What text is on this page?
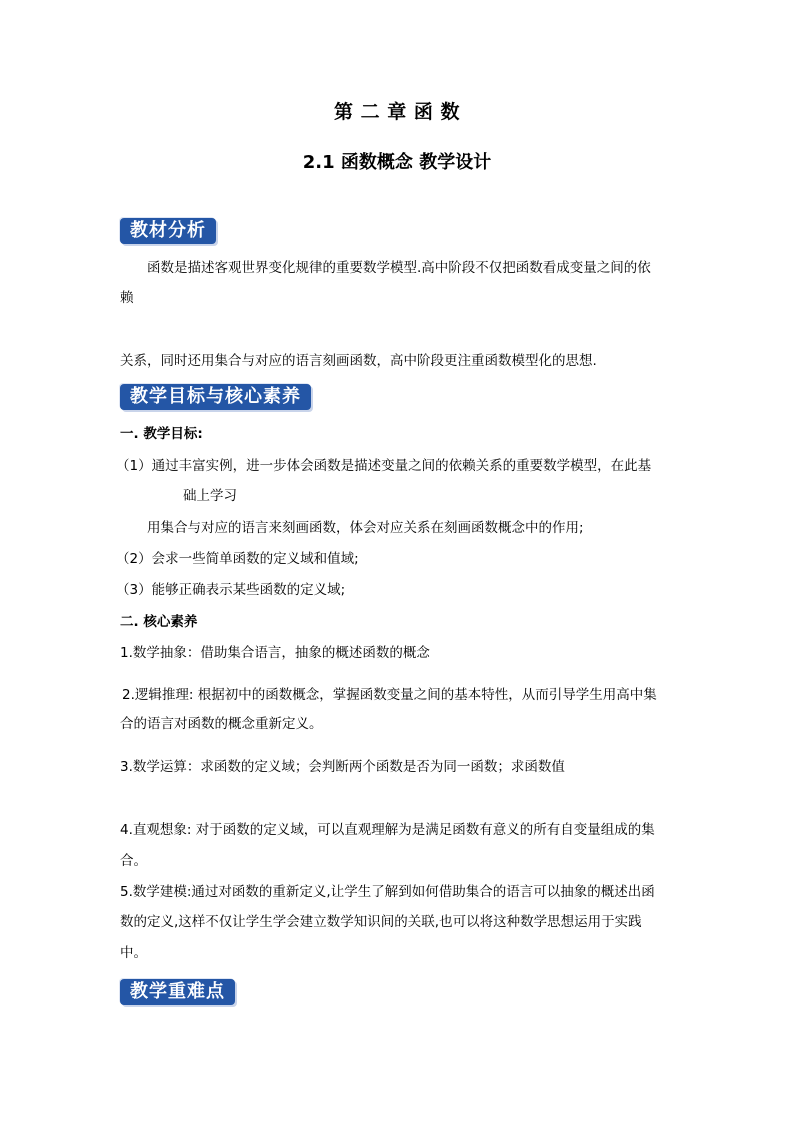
第 二 章 函 数
2.1 函数概念 教学设计
教材分析

函数是描述客观世界变化规律的重要数学模型.高中阶段不仅把函数看成变量之间的依

赖

关系，同时还用集合与对应的语言刻画函数，高中阶段更注重函数模型化的思想.

教学目标与核心素养

一. 教学目标:

（1）通过丰富实例，进一步体会函数是描述变量之间的依赖关系的重要数学模型，在此基

础上学习

用集合与对应的语言来刻画函数，体会对应关系在刻画函数概念中的作用;

（2）会求一些简单函数的定义域和值域;

（3）能够正确表示某些函数的定义域;

二. 核心素养

1.数学抽象：借助集合语言，抽象的概述函数的概念

2.逻辑推理: 根据初中的函数概念，掌握函数变量之间的基本特性，从而引导学生用高中集

合的语言对函数的概念重新定义。

3.数学运算：求函数的定义域；会判断两个函数是否为同一函数；求函数值

4.直观想象: 对于函数的定义域，可以直观理解为是满足函数有意义的所有自变量组成的集

合。

5.数学建模:通过对函数的重新定义,让学生了解到如何借助集合的语言可以抽象的概述出函

数的定义,这样不仅让学生学会建立数学知识间的关联,也可以将这种数学思想运用于实践

中。

教学重难点
